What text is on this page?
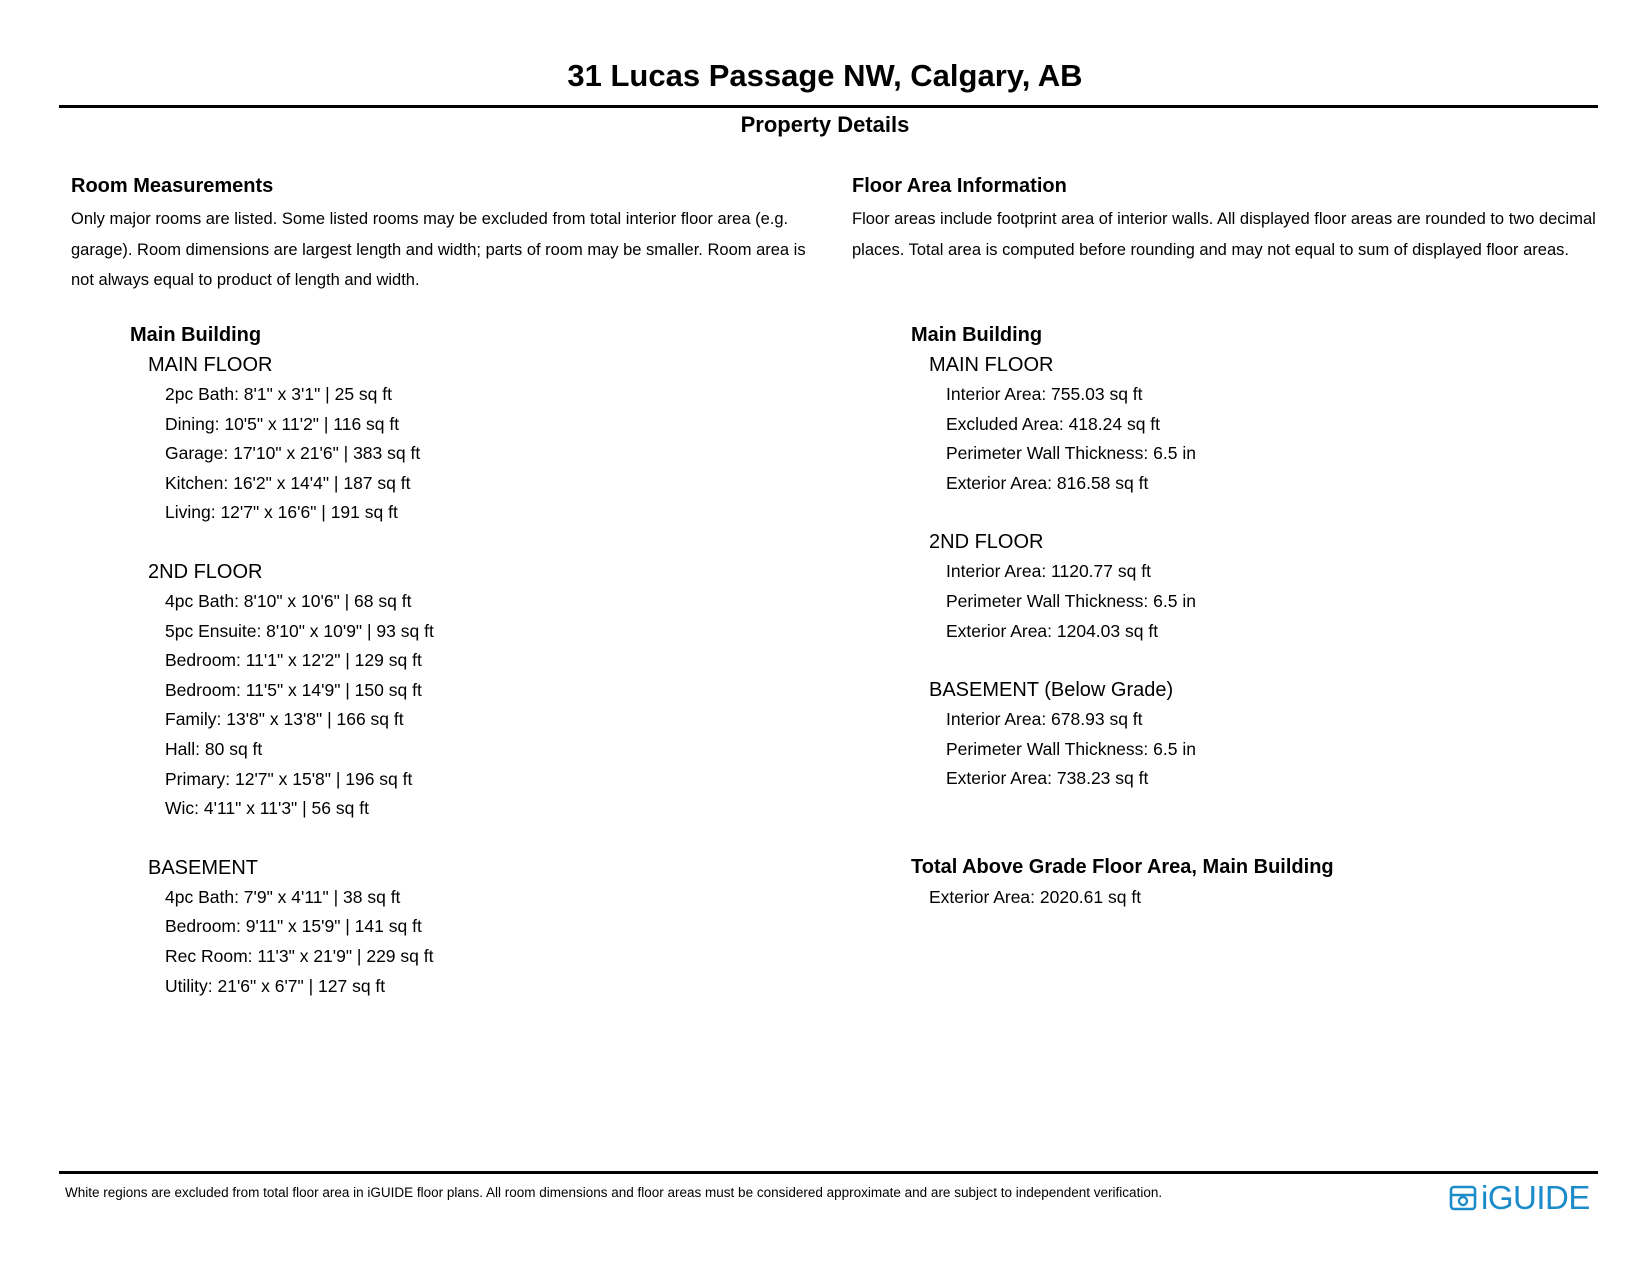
31 Lucas Passage NW, Calgary, AB
Property Details
Room Measurements
Only major rooms are listed. Some listed rooms may be excluded from total interior floor area (e.g. garage). Room dimensions are largest length and width; parts of room may be smaller. Room area is not always equal to product of length and width.
Main Building
MAIN FLOOR
2pc Bath: 8'1" x 3'1" | 25 sq ft
Dining: 10'5" x 11'2" | 116 sq ft
Garage: 17'10" x 21'6" | 383 sq ft
Kitchen: 16'2" x 14'4" | 187 sq ft
Living: 12'7" x 16'6" | 191 sq ft
2ND FLOOR
4pc Bath: 8'10" x 10'6" | 68 sq ft
5pc Ensuite: 8'10" x 10'9" | 93 sq ft
Bedroom: 11'1" x 12'2" | 129 sq ft
Bedroom: 11'5" x 14'9" | 150 sq ft
Family: 13'8" x 13'8" | 166 sq ft
Hall: 80 sq ft
Primary: 12'7" x 15'8" | 196 sq ft
Wic: 4'11" x 11'3" | 56 sq ft
BASEMENT
4pc Bath: 7'9" x 4'11" | 38 sq ft
Bedroom: 9'11" x 15'9" | 141 sq ft
Rec Room: 11'3" x 21'9" | 229 sq ft
Utility: 21'6" x 6'7" | 127 sq ft
Floor Area Information
Floor areas include footprint area of interior walls. All displayed floor areas are rounded to two decimal places. Total area is computed before rounding and may not equal to sum of displayed floor areas.
Main Building
MAIN FLOOR
Interior Area: 755.03 sq ft
Excluded Area: 418.24 sq ft
Perimeter Wall Thickness: 6.5 in
Exterior Area: 816.58 sq ft
2ND FLOOR
Interior Area: 1120.77 sq ft
Perimeter Wall Thickness: 6.5 in
Exterior Area: 1204.03 sq ft
BASEMENT (Below Grade)
Interior Area: 678.93 sq ft
Perimeter Wall Thickness: 6.5 in
Exterior Area: 738.23 sq ft
Total Above Grade Floor Area, Main Building
Exterior Area: 2020.61 sq ft
White regions are excluded from total floor area in iGUIDE floor plans. All room dimensions and floor areas must be considered approximate and are subject to independent verification.	iGUIDE
